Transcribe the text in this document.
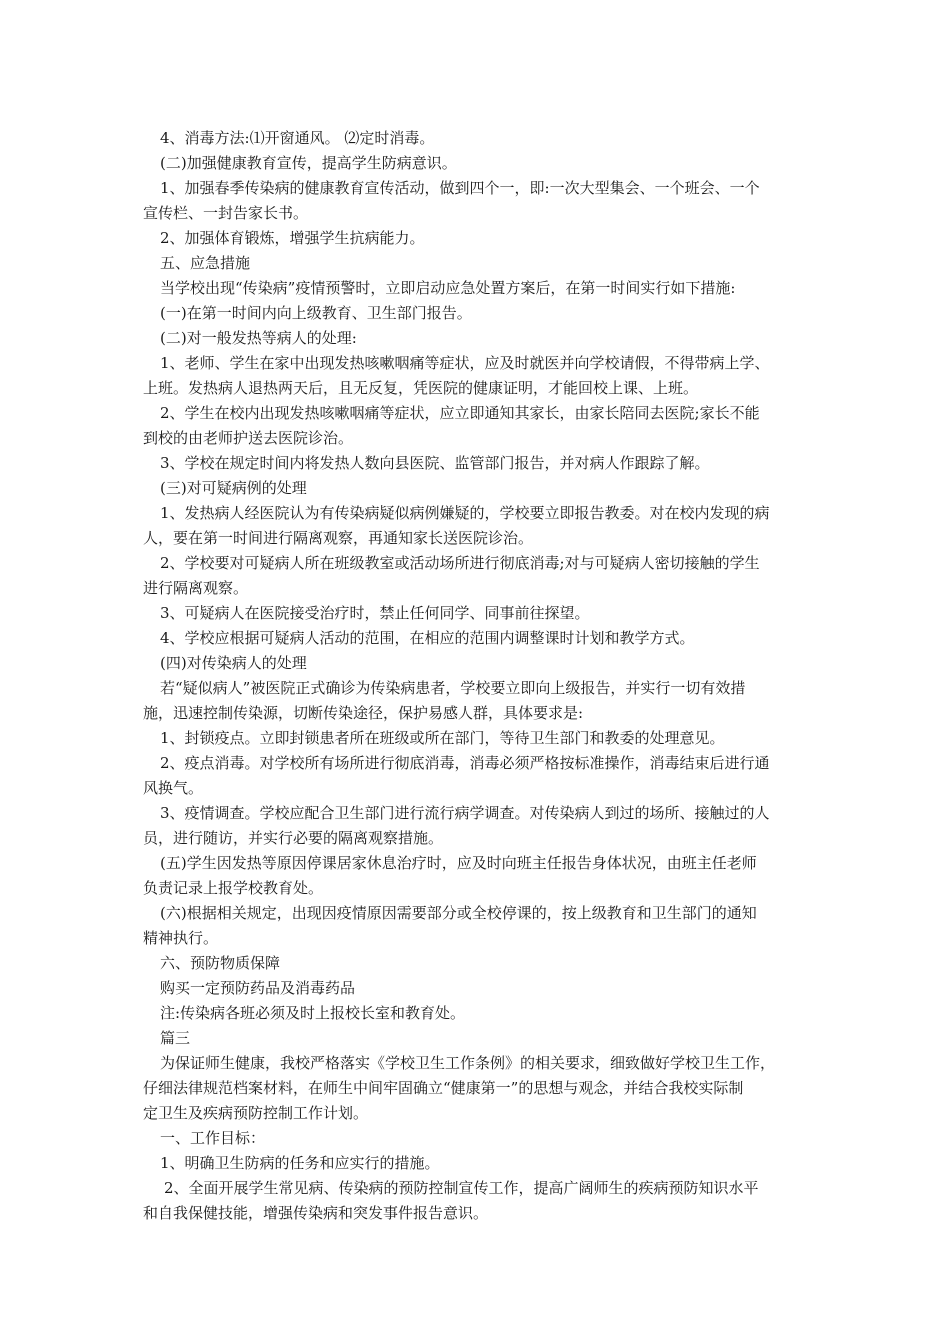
4、消毒方法:⑴开窗通风。 ⑵定时消毒。

(二)加强健康教育宣传，提高学生防病意识。

1、加强春季传染病的健康教育宣传活动，做到四个一，即:一次大型集会、一个班会、一个

宣传栏、一封告家长书。

2、加强体育锻炼，增强学生抗病能力。

五、应急措施

当学校出现“传染病”疫情预警时，立即启动应急处置方案后，在第一时间实行如下措施:

(一)在第一时间内向上级教育、卫生部门报告。

(二)对一般发热等病人的处理:

1、老师、学生在家中出现发热咳嗽咽痛等症状，应及时就医并向学校请假，不得带病上学、

上班。发热病人退热两天后，且无反复，凭医院的健康证明，才能回校上课、上班。

2、学生在校内出现发热咳嗽咽痛等症状，应立即通知其家长，由家长陪同去医院;家长不能

到校的由老师护送去医院诊治。

3、学校在规定时间内将发热人数向县医院、监管部门报告，并对病人作跟踪了解。

(三)对可疑病例的处理

1、发热病人经医院认为有传染病疑似病例嫌疑的，学校要立即报告教委。对在校内发现的病

人，要在第一时间进行隔离观察，再通知家长送医院诊治。

2、学校要对可疑病人所在班级教室或活动场所进行彻底消毒;对与可疑病人密切接触的学生

进行隔离观察。

3、可疑病人在医院接受治疗时，禁止任何同学、同事前往探望。

4、学校应根据可疑病人活动的范围，在相应的范围内调整课时计划和教学方式。

(四)对传染病人的处理

若“疑似病人”被医院正式确诊为传染病患者，学校要立即向上级报告，并实行一切有效措

施，迅速控制传染源，切断传染途径，保护易感人群，具体要求是:

1、封锁疫点。立即封锁患者所在班级或所在部门，等待卫生部门和教委的处理意见。

2、疫点消毒。对学校所有场所进行彻底消毒，消毒必须严格按标准操作，消毒结束后进行通

风换气。

3、疫情调查。学校应配合卫生部门进行流行病学调查。对传染病人到过的场所、接触过的人

员，进行随访，并实行必要的隔离观察措施。

(五)学生因发热等原因停课居家休息治疗时，应及时向班主任报告身体状况，由班主任老师

负责记录上报学校教育处。

(六)根据相关规定，出现因疫情原因需要部分或全校停课的，按上级教育和卫生部门的通知

精神执行。

六、预防物质保障

购买一定预防药品及消毒药品

注:传染病各班必须及时上报校长室和教育处。

篇三

为保证师生健康，我校严格落实《学校卫生工作条例》的相关要求，细致做好学校卫生工作，

仔细法律规范档案材料，在师生中间牢固确立“健康第一”的思想与观念，并结合我校实际制

定卫生及疾病预防控制工作计划。

一、工作目标：

1、明确卫生防病的任务和应实行的措施。

2、全面开展学生常见病、传染病的预防控制宣传工作，提高广阔师生的疾病预防知识水平

和自我保健技能，增强传染病和突发事件报告意识。
